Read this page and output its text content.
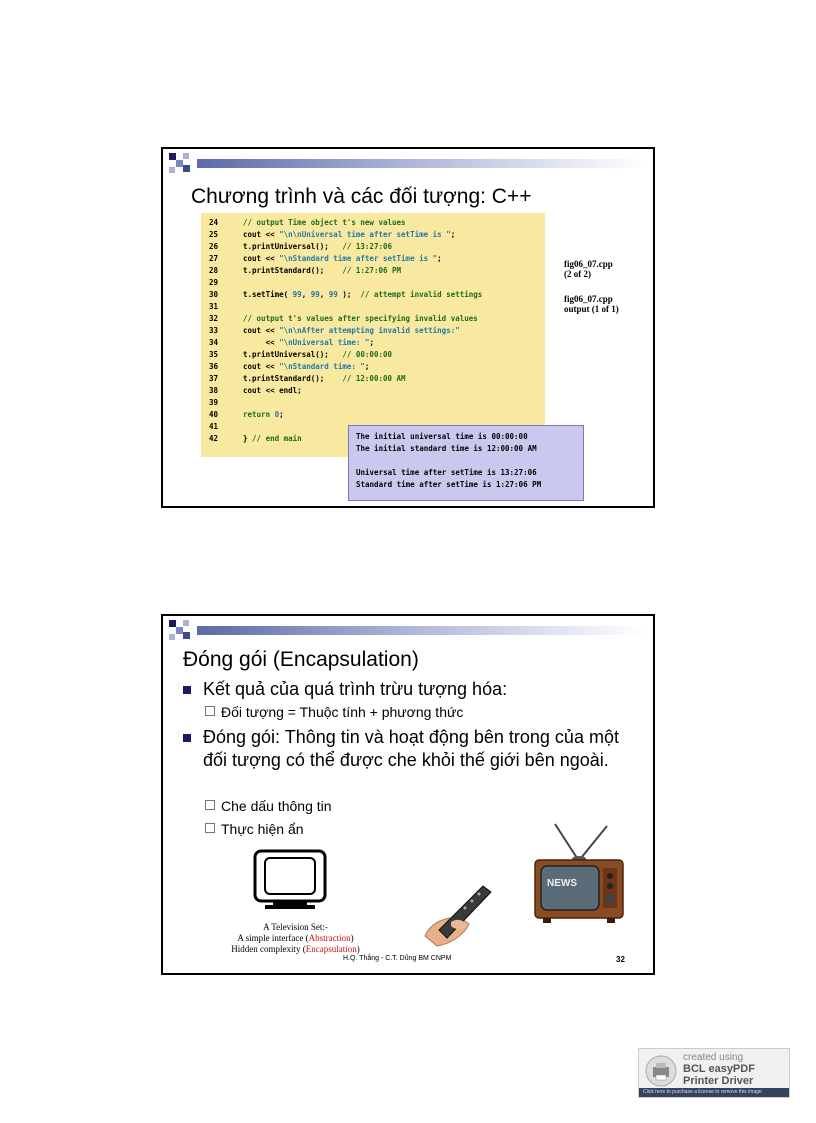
Chương trình và các đối tượng: C++
24	// output Time object t's new values
25	cout << "\n\nUniversal time after setTime is ";
26	t.printUniversal();   // 13:27:06
27	cout << "\nStandard time after setTime is ";
28	t.printStandard();    // 1:27:06 PM
29
30	t.setTime( 99, 99, 99 );  // attempt invalid settings
31
32	// output t's values after specifying invalid values
33	cout << "\n\nAfter attempting invalid settings:"
34	<< "\nUniversal time: ";
35	t.printUniversal();   // 00:00:00
36	cout << "\nStandard time: ";
37	t.printStandard();    // 12:00:00 AM
38	cout << endl;
39
40	return 0;
41
42	} // end main
fig06_07.cpp
(2 of 2)
fig06_07.cpp
output (1 of 1)
The initial universal time is 00:00:00
The initial standard time is 12:00:00 AM
Universal time after setTime is 13:27:06
Standard time after setTime is 1:27:06 PM
Đóng gói (Encapsulation)
Kết quả của quá trình trừu tượng hóa:
Đối tượng = Thuộc tính + phương thức
Đóng gói: Thông tin và hoạt động bên trong của một đối tượng có thể được che khỏi thế giới bên ngoài.
Che dấu thông tin
Thực hiện ẩn
NEWS
A Television Set:-
A simple interface (Abstraction)
Hidden complexity (Encapsulation)
H.Q. Thắng - C.T. Dũng BM CNPM	32
created using
BCL easyPDF
Printer Driver
Click here to purchase a license to remove this image
